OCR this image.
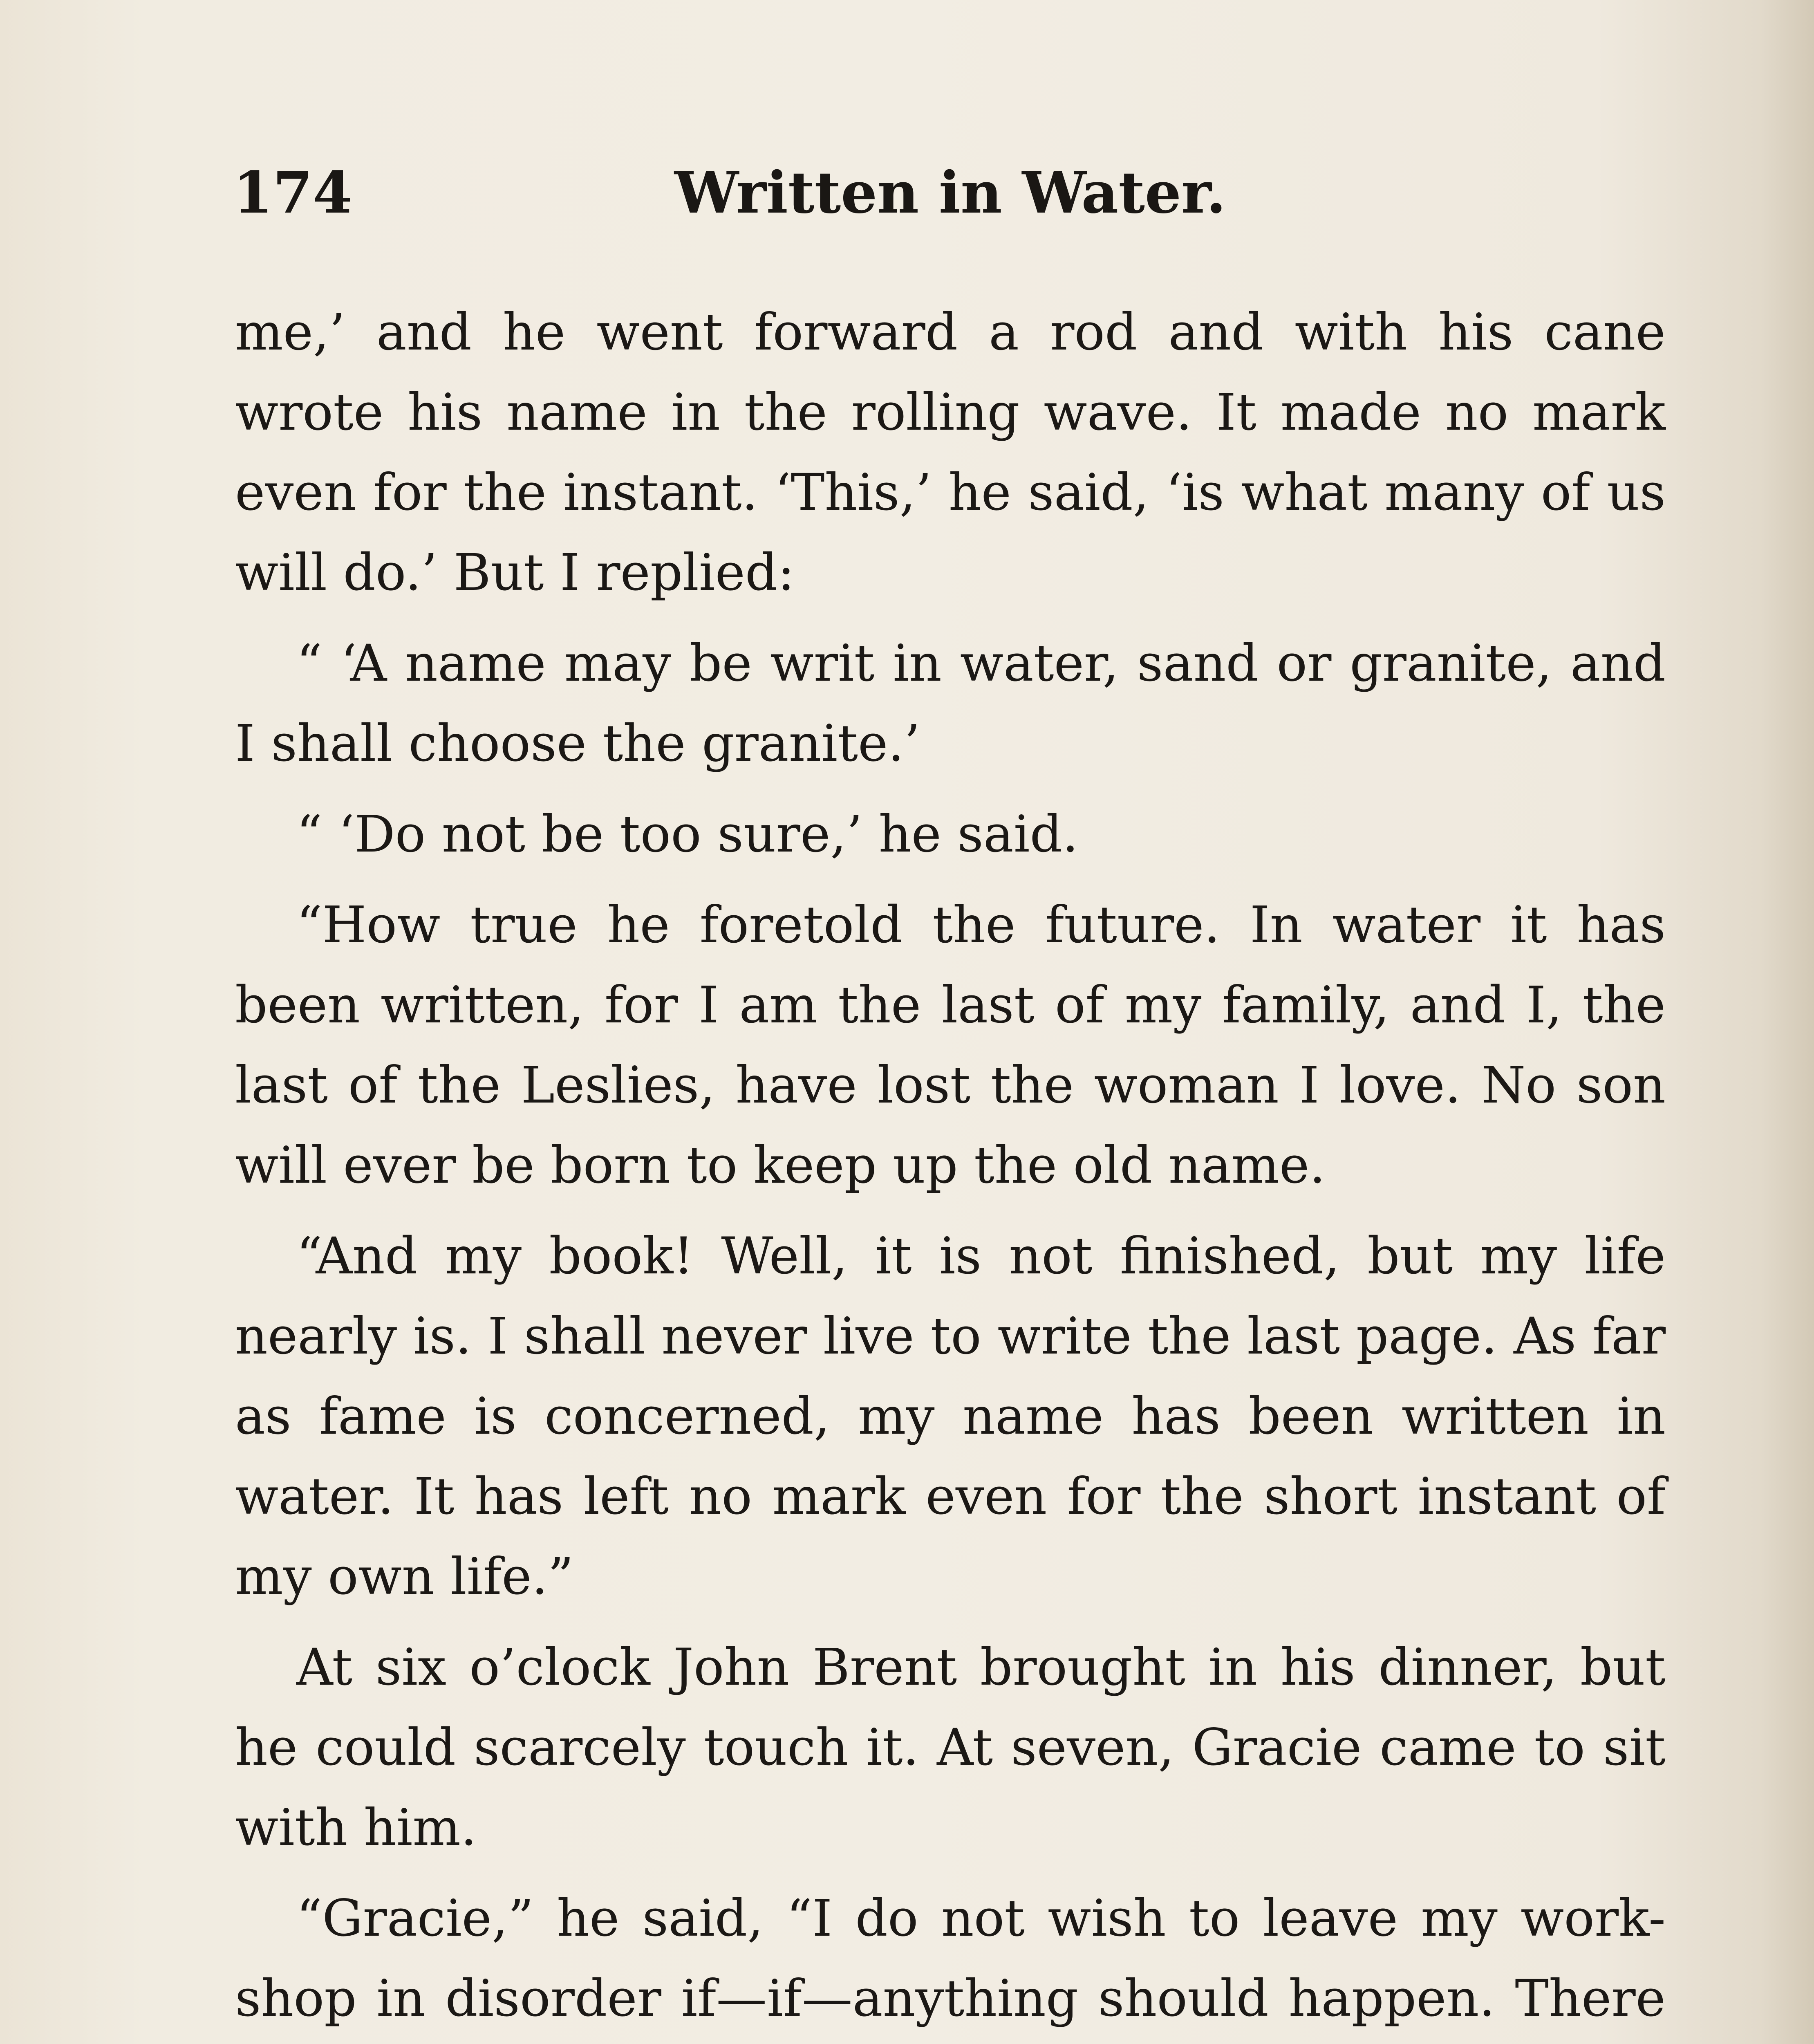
174	Written in Water.

me,’ and he went forward a rod and with his cane wrote his name in the rolling wave. It made no mark even for the instant. ‘This,’ he said, ‘is what many of us will do.’ But I replied:

“ ‘A name may be writ in water, sand or granite, and I shall choose the granite.’

“ ‘Do not be too sure,’ he said.

“How true he foretold the future. In water it has been written, for I am the last of my family, and I, the last of the Leslies, have lost the woman I love. No son will ever be born to keep up the old name.

“And my book! Well, it is not finished, but my life nearly is. I shall never live to write the last page. As far as fame is concerned, my name has been written in water. It has left no mark even for the short instant of my own life.”

At six o’clock John Brent brought in his dinner, but he could scarcely touch it. At seven, Gracie came to sit with him.

“Gracie,” he said, “I do not wish to leave my work-shop in disorder if—if—anything should happen. There
